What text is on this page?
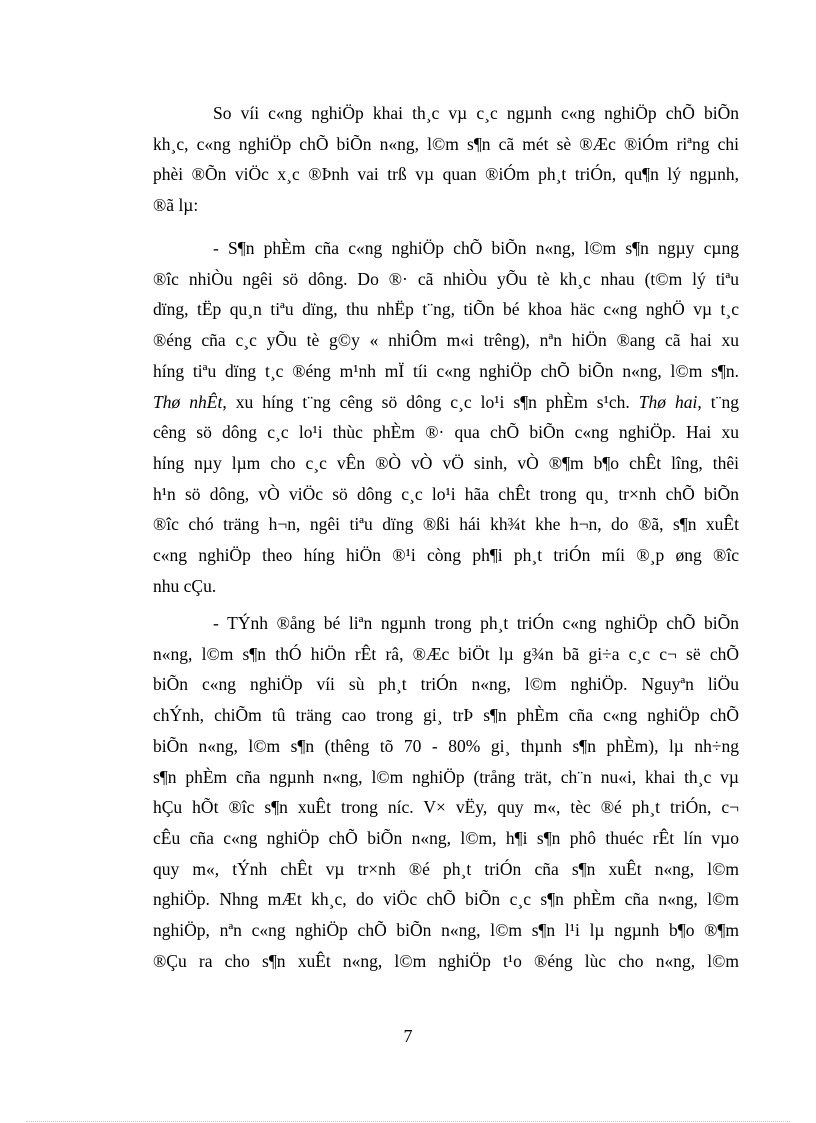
So víi c«ng nghiÖp khai th¸c vµ c¸c ngµnh c«ng nghiÖp chÕ biÕn
kh¸c, c«ng nghiÖp chÕ biÕn n«ng, l©m s¶n cã mét sè ®Æc ®iÓm riªng chi
phèi ®Õn viÖc x¸c ®Þnh vai trß vµ quan ®iÓm ph¸t triÓn, qu¶n lý ngµnh,
®ã lµ:
- S¶n phÈm cña c«ng nghiÖp chÕ biÕn n«ng, l©m s¶n ngµy cµng
®îc nhiÒu ngêi sö dông. Do ®· cã nhiÒu yÕu tè kh¸c nhau (t©m lý tiªu
dïng, tËp qu¸n tiªu dïng, thu nhËp t¨ng, tiÕn bé khoa häc c«ng nghÖ vµ t¸c
®éng cña c¸c yÕu tè g©y « nhiÔm m«i trêng), nªn hiÖn ®ang cã hai xu
híng tiªu dïng t¸c ®éng m¹nh mÏ tíi c«ng nghiÖp chÕ biÕn n«ng, l©m s¶n.
Thø nhÊt, xu híng t¨ng cêng sö dông c¸c lo¹i s¶n phÈm s¹ch. Thø hai, t¨ng
cêng sö dông c¸c lo¹i thùc phÈm ®· qua chÕ biÕn c«ng nghiÖp. Hai xu
híng nµy lµm cho c¸c vÊn ®Ò vÒ vÖ sinh, vÒ ®¶m b¶o chÊt lîng, thêi
h¹n sö dông, vÒ viÖc sö dông c¸c lo¹i hãa chÊt trong qu¸ tr×nh chÕ biÕn
®îc chó träng h¬n, ngêi tiªu dïng ®ßi hái kh¾t khe h¬n, do ®ã, s¶n xuÊt
c«ng nghiÖp theo híng hiÖn ®¹i còng ph¶i ph¸t triÓn míi ®¸p øng ®îc
nhu cÇu.
- TÝnh ®ång bé liªn ngµnh trong ph¸t triÓn c«ng nghiÖp chÕ biÕn
n«ng, l©m s¶n thÓ hiÖn rÊt râ, ®Æc biÖt lµ g¾n bã gi÷a c¸c c¬ së chÕ
biÕn c«ng nghiÖp víi sù ph¸t triÓn n«ng, l©m nghiÖp. Nguyªn liÖu
chÝnh, chiÕm tû träng cao trong gi¸ trÞ s¶n phÈm cña c«ng nghiÖp chÕ
biÕn n«ng, l©m s¶n (thêng tõ 70 - 80% gi¸ thµnh s¶n phÈm), lµ nh÷ng
s¶n phÈm cña ngµnh n«ng, l©m nghiÖp (trång trät, ch¨n nu«i, khai th¸c vµ
hÇu hÕt ®îc s¶n xuÊt trong níc. V× vËy, quy m«, tèc ®é ph¸t triÓn, c¬
cÊu cña c«ng nghiÖp chÕ biÕn n«ng, l©m, h¶i s¶n phô thuéc rÊt lín vµo
quy m«, tÝnh chÊt vµ tr×nh ®é ph¸t triÓn cña s¶n xuÊt n«ng, l©m
nghiÖp. Nhng mÆt kh¸c, do viÖc chÕ biÕn c¸c s¶n phÈm cña n«ng, l©m
nghiÖp, nªn c«ng nghiÖp chÕ biÕn n«ng, l©m s¶n l¹i lµ ngµnh b¶o ®¶m
®Çu ra cho s¶n xuÊt n«ng, l©m nghiÖp t¹o ®éng lùc cho n«ng, l©m
7
